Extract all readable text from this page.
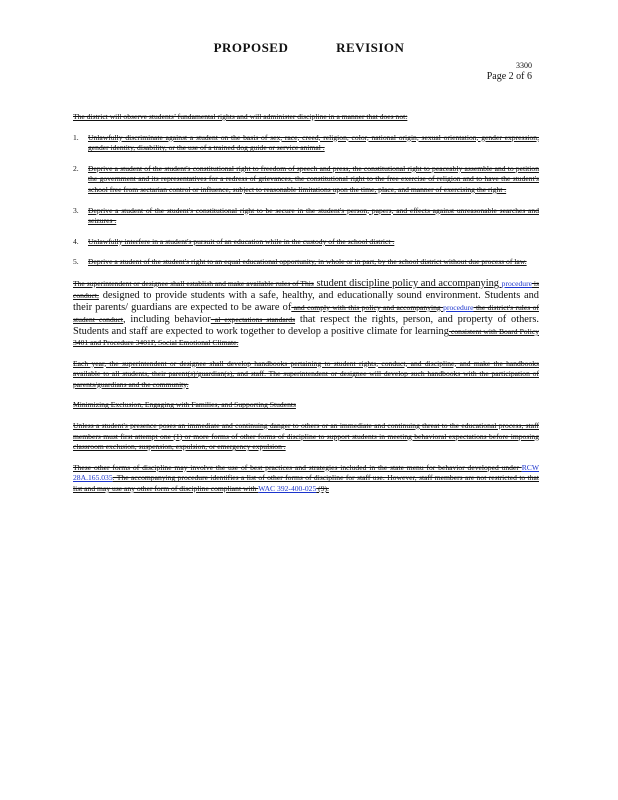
PROPOSED	REVISION
3300
Page 2 of 6

The district will observe students’ fundamental rights and will administer discipline in a manner that does not:

1. Unlawfully discriminate against a student on the basis of sex, race, creed, religion, color, national origin, sexual orientation, gender expression, gender identity, disability, or the use of a trained dog guide or service animal .

2. Deprive a student of the student's constitutional right to freedom of speech and press, the constitutional right to peaceably assemble and to petition the government and its representatives for a redress of grievances, the constitutional right to the free exercise of religion and to have the student's school free from sectarian control or influence, subject to reasonable limitations upon the time, place, and manner of exercising the right .

3. Deprive a student of the student's constitutional right to be secure in the student's person, papers, and effects against unreasonable searches and seizures .

4. Unlawfully interfere in a student's pursuit of an education while in the custody of the school district .

5. Deprive a student of the student's right to an equal educational opportunity, in whole or in part, by the school district without due process of law.

The superintendent or designee shall establish and make available rules of This student discipline policy and accompanying procedure is conduct, designed to provide students with a safe, healthy, and educationally sound environment. Students and their parents/ guardians are expected to be aware of and comply with this policy and accompanying procedure the district's rules of student conduct, including behavior al expectations standards that respect the rights, person, and property of others. Students and staff are expected to work together to develop a positive climate for learning consistent with Board Policy 3401 and Procedure 3401P, Social Emotional Climate.

Each year, the superintendent or designee shall develop handbooks pertaining to student rights, conduct, and discipline, and make the handbooks available to all students, their parent(s)/guardian(s), and staff. The superintendent or designee will develop such handbooks with the participation of parents/guardians and the community.

Minimizing Exclusion, Engaging with Families, and Supporting Students

Unless a student's presence poses an immediate and continuing danger to others or an immediate and continuing threat to the educational process, staff members must first attempt one (1) or more forms of other forms of discipline to support students in meeting behavioral expectations before imposing classroom exclusion, suspension, expulsion, or emergency expulsion .

These other forms of discipline may involve the use of best practices and strategies included in the state menu for behavior developed under RCW 28A.165.035. The accompanying procedure identifies a list of other forms of discipline for staff use. However, staff members are not restricted to that list and may use any other form of discipline compliant with WAC 392-400-025 (9).
